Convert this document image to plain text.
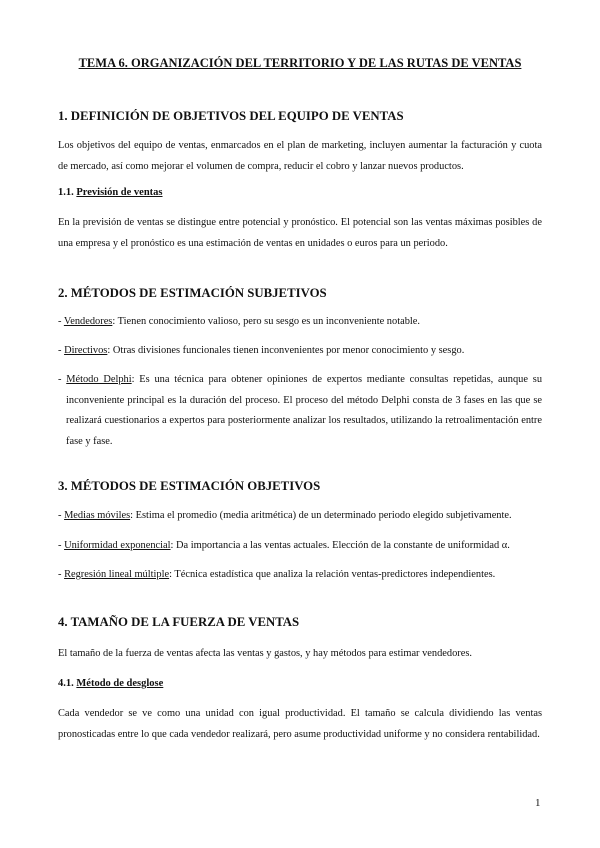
TEMA 6. ORGANIZACIÓN DEL TERRITORIO Y DE LAS RUTAS DE VENTAS
1. DEFINICIÓN DE OBJETIVOS DEL EQUIPO DE VENTAS

Los objetivos del equipo de ventas, enmarcados en el plan de marketing, incluyen aumentar la facturación y cuota de mercado, así como mejorar el volumen de compra, reducir el cobro y lanzar nuevos productos.

1.1. Previsión de ventas

En la previsión de ventas se distingue entre potencial y pronóstico. El potencial son las ventas máximas posibles de una empresa y el pronóstico es una estimación de ventas en unidades o euros para un periodo.

2. MÉTODOS DE ESTIMACIÓN SUBJETIVOS

- Vendedores: Tienen conocimiento valioso, pero su sesgo es un inconveniente notable.

- Directivos: Otras divisiones funcionales tienen inconvenientes por menor conocimiento y sesgo.

- Método Delphi: Es una técnica para obtener opiniones de expertos mediante consultas repetidas, aunque su inconveniente principal es la duración del proceso. El proceso del método Delphi consta de 3 fases en las que se realizará cuestionarios a expertos para posteriormente analizar los resultados, utilizando la retroalimentación entre fase y fase.

3. MÉTODOS DE ESTIMACIÓN OBJETIVOS

- Medias móviles: Estima el promedio (media aritmética) de un determinado periodo elegido subjetivamente.

- Uniformidad exponencial: Da importancia a las ventas actuales. Elección de la constante de uniformidad α.

- Regresión lineal múltiple: Técnica estadística que analiza la relación ventas-predictores independientes.

4. TAMAÑO DE LA FUERZA DE VENTAS

El tamaño de la fuerza de ventas afecta las ventas y gastos, y hay métodos para estimar vendedores.

4.1. Método de desglose

Cada vendedor se ve como una unidad con igual productividad. El tamaño se calcula dividiendo las ventas pronosticadas entre lo que cada vendedor realizará, pero asume productividad uniforme y no considera rentabilidad.

1
